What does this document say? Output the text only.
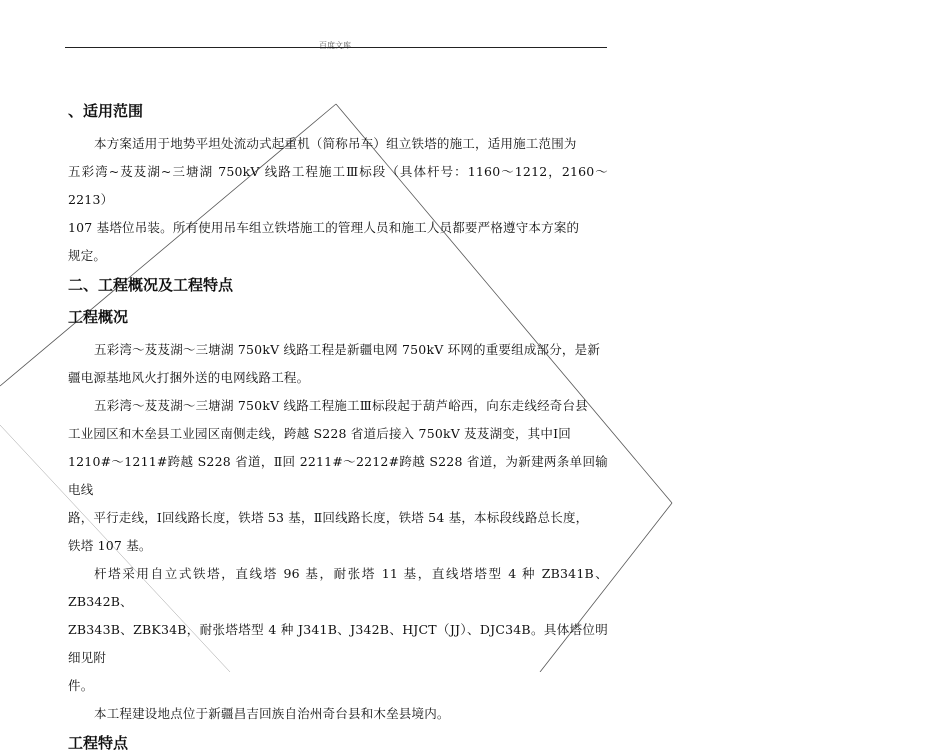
百度文库
、适用范围

本方案适用于地势平坦处流动式起重机（简称吊车）组立铁塔的施工，适用施工范围为

五彩湾~芨芨湖~三塘湖 750kV 线路工程施工Ⅲ标段（具体杆号：1160～1212，2160～2213）

107 基塔位吊装。所有使用吊车组立铁塔施工的管理人员和施工人员都要严格遵守本方案的

规定。

二、工程概况及工程特点
工程概况

五彩湾～芨芨湖～三塘湖 750kV 线路工程是新疆电网 750kV 环网的重要组成部分，是新

疆电源基地风火打捆外送的电网线路工程。

五彩湾～芨芨湖～三塘湖 750kV 线路工程施工Ⅲ标段起于葫芦峪西，向东走线经奇台县

工业园区和木垒县工业园区南侧走线，跨越 S228 省道后接入 750kV 芨芨湖变，其中Ⅰ回

1210#～1211#跨越 S228 省道，Ⅱ回 2211#～2212#跨越 S228 省道，为新建两条单回输电线

路，平行走线，Ⅰ回线路长度，铁塔 53 基，Ⅱ回线路长度，铁塔 54 基，本标段线路总长度，

铁塔 107 基。

杆塔采用自立式铁塔，直线塔 96 基，耐张塔 11 基，直线塔塔型 4 种 ZB341B、ZB342B、

ZB343B、ZBK34B，耐张塔塔型 4 种 J341B、J342B、HJCT（JJ）、DJC34B。具体塔位明细见附

件。

本工程建设地点位于新疆昌吉回族自治州奇台县和木垒县境内。

工程特点
